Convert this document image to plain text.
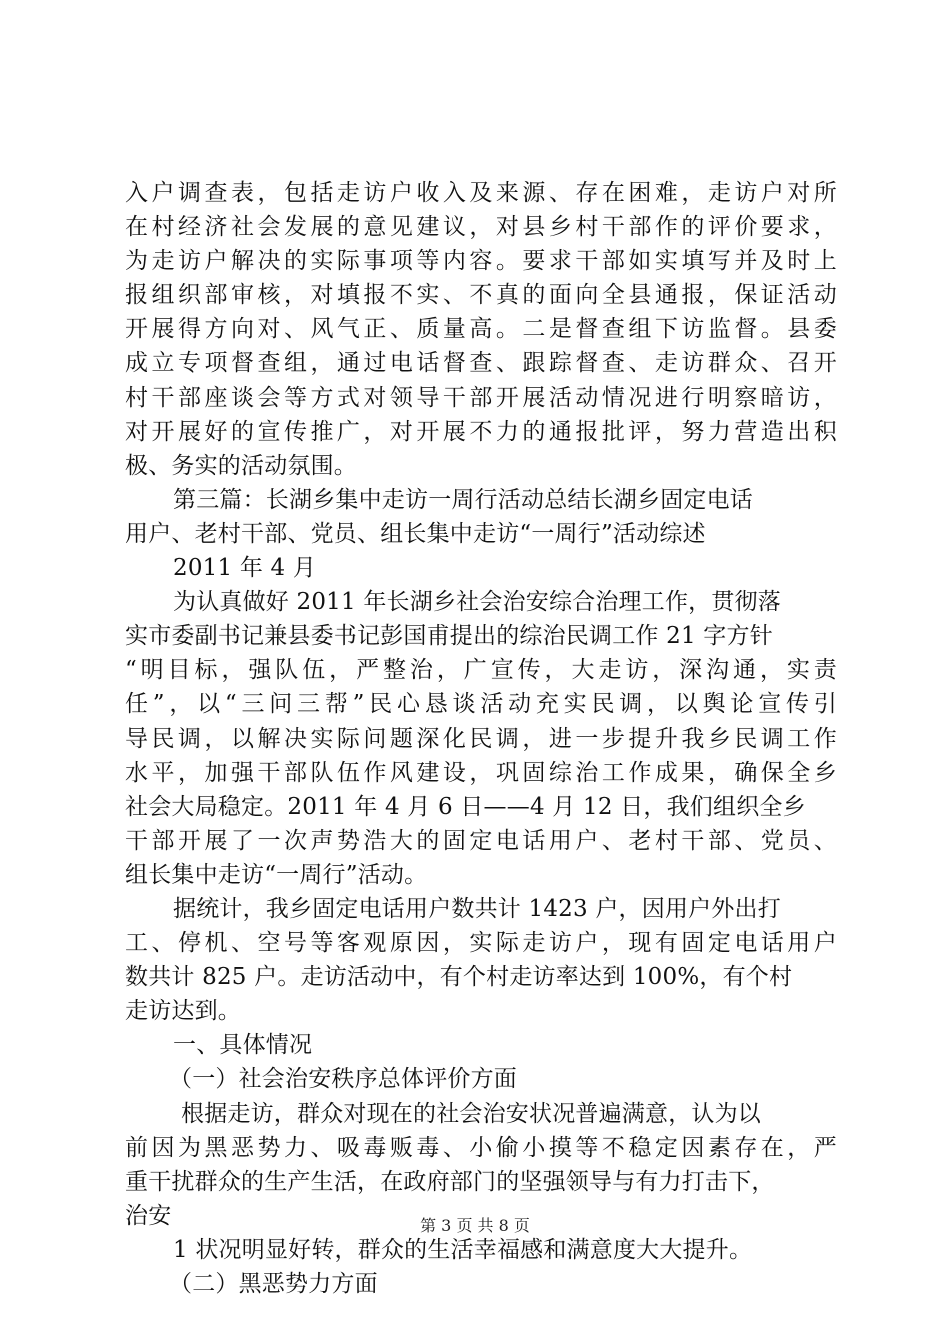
入户调查表，包括走访户收入及来源、存在困难，走访户对所
在村经济社会发展的意见建议，对县乡村干部作的评价要求，
为走访户解决的实际事项等内容。要求干部如实填写并及时上
报组织部审核，对填报不实、不真的面向全县通报，保证活动
开展得方向对、风气正、质量高。二是督查组下访监督。县委
成立专项督查组，通过电话督查、跟踪督查、走访群众、召开
村干部座谈会等方式对领导干部开展活动情况进行明察暗访，
对开展好的宣传推广，对开展不力的通报批评，努力营造出积
极、务实的活动氛围。
第三篇：长湖乡集中走访一周行活动总结长湖乡固定电话
用户、老村干部、党员、组长集中走访“一周行”活动综述
2011 年 4 月
为认真做好 2011 年长湖乡社会治安综合治理工作，贯彻落
实市委副书记兼县委书记彭国甫提出的综治民调工作 21 字方针
“明目标，强队伍，严整治，广宣传，大走访，深沟通，实责
任”，以“三问三帮”民心恳谈活动充实民调，以舆论宣传引
导民调，以解决实际问题深化民调，进一步提升我乡民调工作
水平，加强干部队伍作风建设，巩固综治工作成果，确保全乡
社会大局稳定。2011 年 4 月 6 日——4 月 12 日，我们组织全乡
干部开展了一次声势浩大的固定电话用户、老村干部、党员、
组长集中走访“一周行”活动。
据统计，我乡固定电话用户数共计 1423 户，因用户外出打
工、停机、空号等客观原因，实际走访户，现有固定电话用户
数共计 825 户。走访活动中，有个村走访率达到 100%，有个村
走访达到。
一、具体情况
（一）社会治安秩序总体评价方面
根据走访，群众对现在的社会治安状况普遍满意，认为以
前因为黑恶势力、吸毒贩毒、小偷小摸等不稳定因素存在，严
重干扰群众的生产生活，在政府部门的坚强领导与有力打击下，
治安
1 状况明显好转，群众的生活幸福感和满意度大大提升。
（二）黑恶势力方面
第 3 页 共 8 页
